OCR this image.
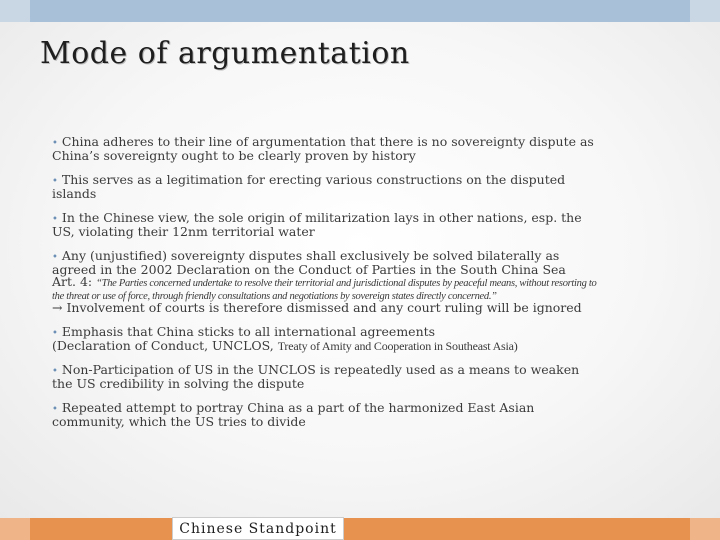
Mode of argumentation

• China adheres to their line of argumentation that there is no sovereignty dispute as China’s sovereignty ought to be clearly proven by history

• This serves as a legitimation for erecting various constructions on the disputed islands

• In the Chinese view, the sole origin of militarization lays in other nations, esp. the US, violating their 12nm territorial water

• Any (unjustified) sovereignty disputes shall exclusively be solved bilaterally as agreed in the 2002 Declaration on the Conduct of Parties in the South China Sea
Art. 4: “The Parties concerned undertake to resolve their territorial and jurisdictional disputes by peaceful means, without resorting to the threat or use of force, through friendly consultations and negotiations by sovereign states directly concerned.”
→ Involvement of courts is therefore dismissed and any court ruling will be ignored
• Emphasis that China sticks to all international agreements
(Declaration of Conduct, UNCLOS, Treaty of Amity and Cooperation in Southeast Asia)

• Non-Participation of US in the UNCLOS is repeatedly used as a means to weaken the US credibility in solving the dispute

• Repeated attempt to portray China as a part of the harmonized East Asian community, which the US tries to divide

Chinese Standpoint
